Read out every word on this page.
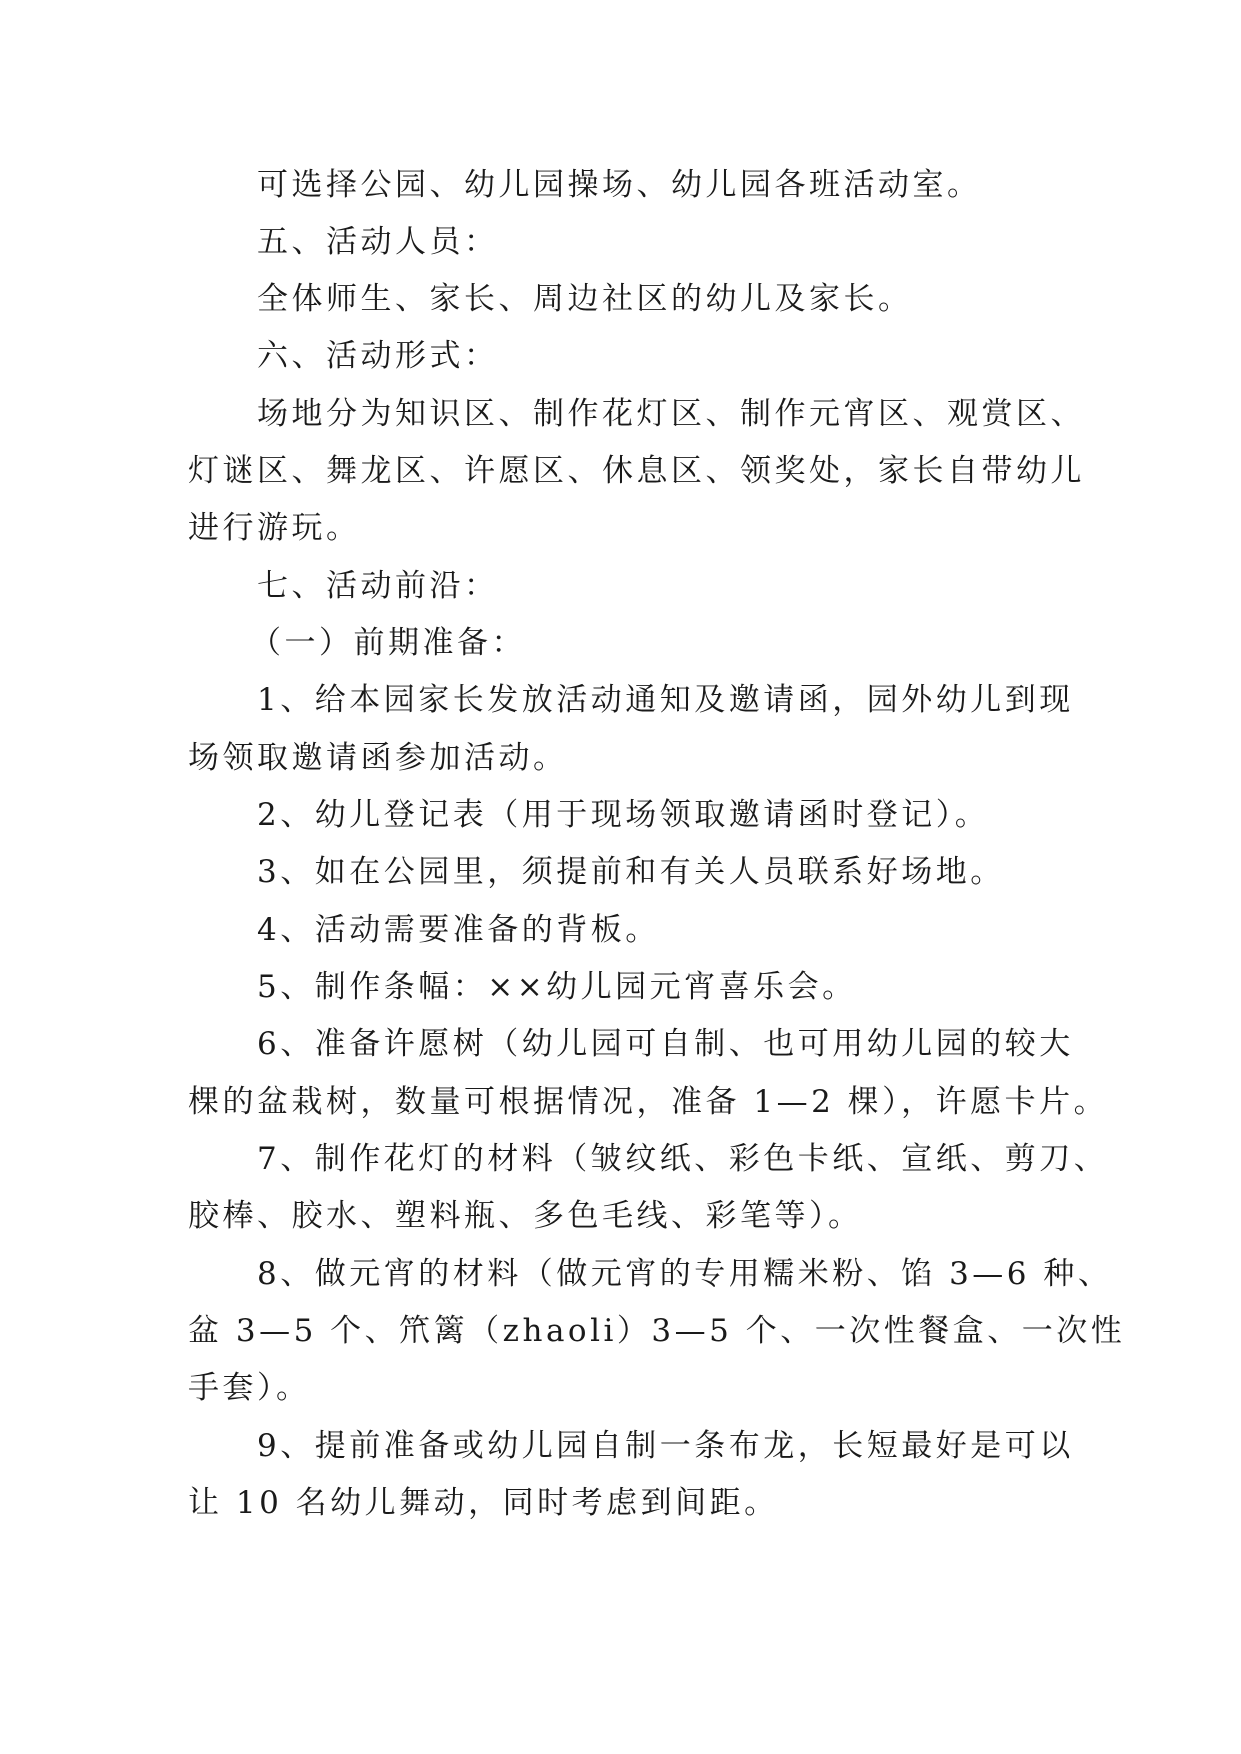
可选择公园、幼儿园操场、幼儿园各班活动室。
五、活动人员：
全体师生、家长、周边社区的幼儿及家长。
六、活动形式：
场地分为知识区、制作花灯区、制作元宵区、观赏区、
灯谜区、舞龙区、许愿区、休息区、领奖处，家长自带幼儿
进行游玩。
七、活动前沿：
（一）前期准备：
1、给本园家长发放活动通知及邀请函，园外幼儿到现
场领取邀请函参加活动。
2、幼儿登记表（用于现场领取邀请函时登记）。
3、如在公园里，须提前和有关人员联系好场地。
4、活动需要准备的背板。
5、制作条幅：××幼儿园元宵喜乐会。
6、准备许愿树（幼儿园可自制、也可用幼儿园的较大
棵的盆栽树，数量可根据情况，准备 1—2 棵），许愿卡片。
7、制作花灯的材料（皱纹纸、彩色卡纸、宣纸、剪刀、
胶棒、胶水、塑料瓶、多色毛线、彩笔等）。
8、做元宵的材料（做元宵的专用糯米粉、馅 3—6 种、
盆 3—5 个、笊篱（zhaoli）3—5 个、一次性餐盒、一次性
手套）。
9、提前准备或幼儿园自制一条布龙，长短最好是可以
让 10 名幼儿舞动，同时考虑到间距。
